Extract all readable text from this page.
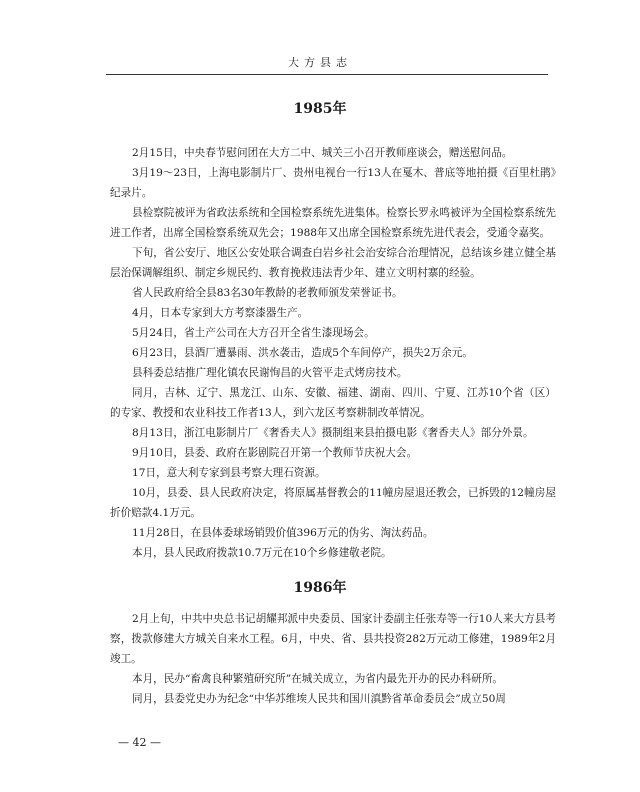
大方县志
1985年

2月15日，中央春节慰问团在大方二中、城关三小召开教师座谈会，赠送慰问品。

3月19～23日，上海电影制片厂、贵州电视台一行13人在戛木、普底等地拍摄《百里杜鹃》纪录片。

县检察院被评为省政法系统和全国检察系统先进集体。检察长罗永鸣被评为全国检察系统先进工作者，出席全国检察系统双先会；1988年又出席全国检察系统先进代表会，受通令嘉奖。

下旬，省公安厅、地区公安处联合调查白岩乡社会治安综合治理情况，总结该乡建立健全基层治保调解组织、制定乡规民约、教育挽救违法青少年、建立文明村寨的经验。

省人民政府给全县83名30年教龄的老教师颁发荣誉证书。

4月，日本专家到大方考察漆器生产。

5月24日，省土产公司在大方召开全省生漆现场会。

6月23日，县酒厂遭暴雨、洪水袭击，造成5个车间停产，损失2万余元。

县科委总结推广理化镇农民谢恂昌的火管平走式烤房技术。

同月，吉林、辽宁、黑龙江、山东、安徽、福建、湖南、四川、宁夏、江苏10个省（区）的专家、教授和农业科技工作者13人，到六龙区考察耕制改革情况。

8月13日，浙江电影制片厂《奢香夫人》摄制组来县拍摄电影《奢香夫人》部分外景。

9月10日，县委、政府在影剧院召开第一个教师节庆祝大会。

17日，意大利专家到县考察大理石资源。

10月，县委、县人民政府决定，将原属基督教会的11幢房屋退还教会，已拆毁的12幢房屋折价赔款4.1万元。

11月28日，在县体委球场销毁价值396万元的伪劣、淘汰药品。

本月，县人民政府拨款10.7万元在10个乡修建敬老院。

1986年

2月上旬，中共中央总书记胡耀邦派中央委员、国家计委副主任张寿等一行10人来大方县考察，拨款修建大方城关自来水工程。6月，中央、省、县共投资282万元动工修建，1989年2月竣工。

— 42 —

本月，民办“畜禽良种繁殖研究所”在城关成立，为省内最先开办的民办科研所。

同月，县委党史办为纪念“中华苏维埃人民共和国川滇黔省革命委员会”成立50周
